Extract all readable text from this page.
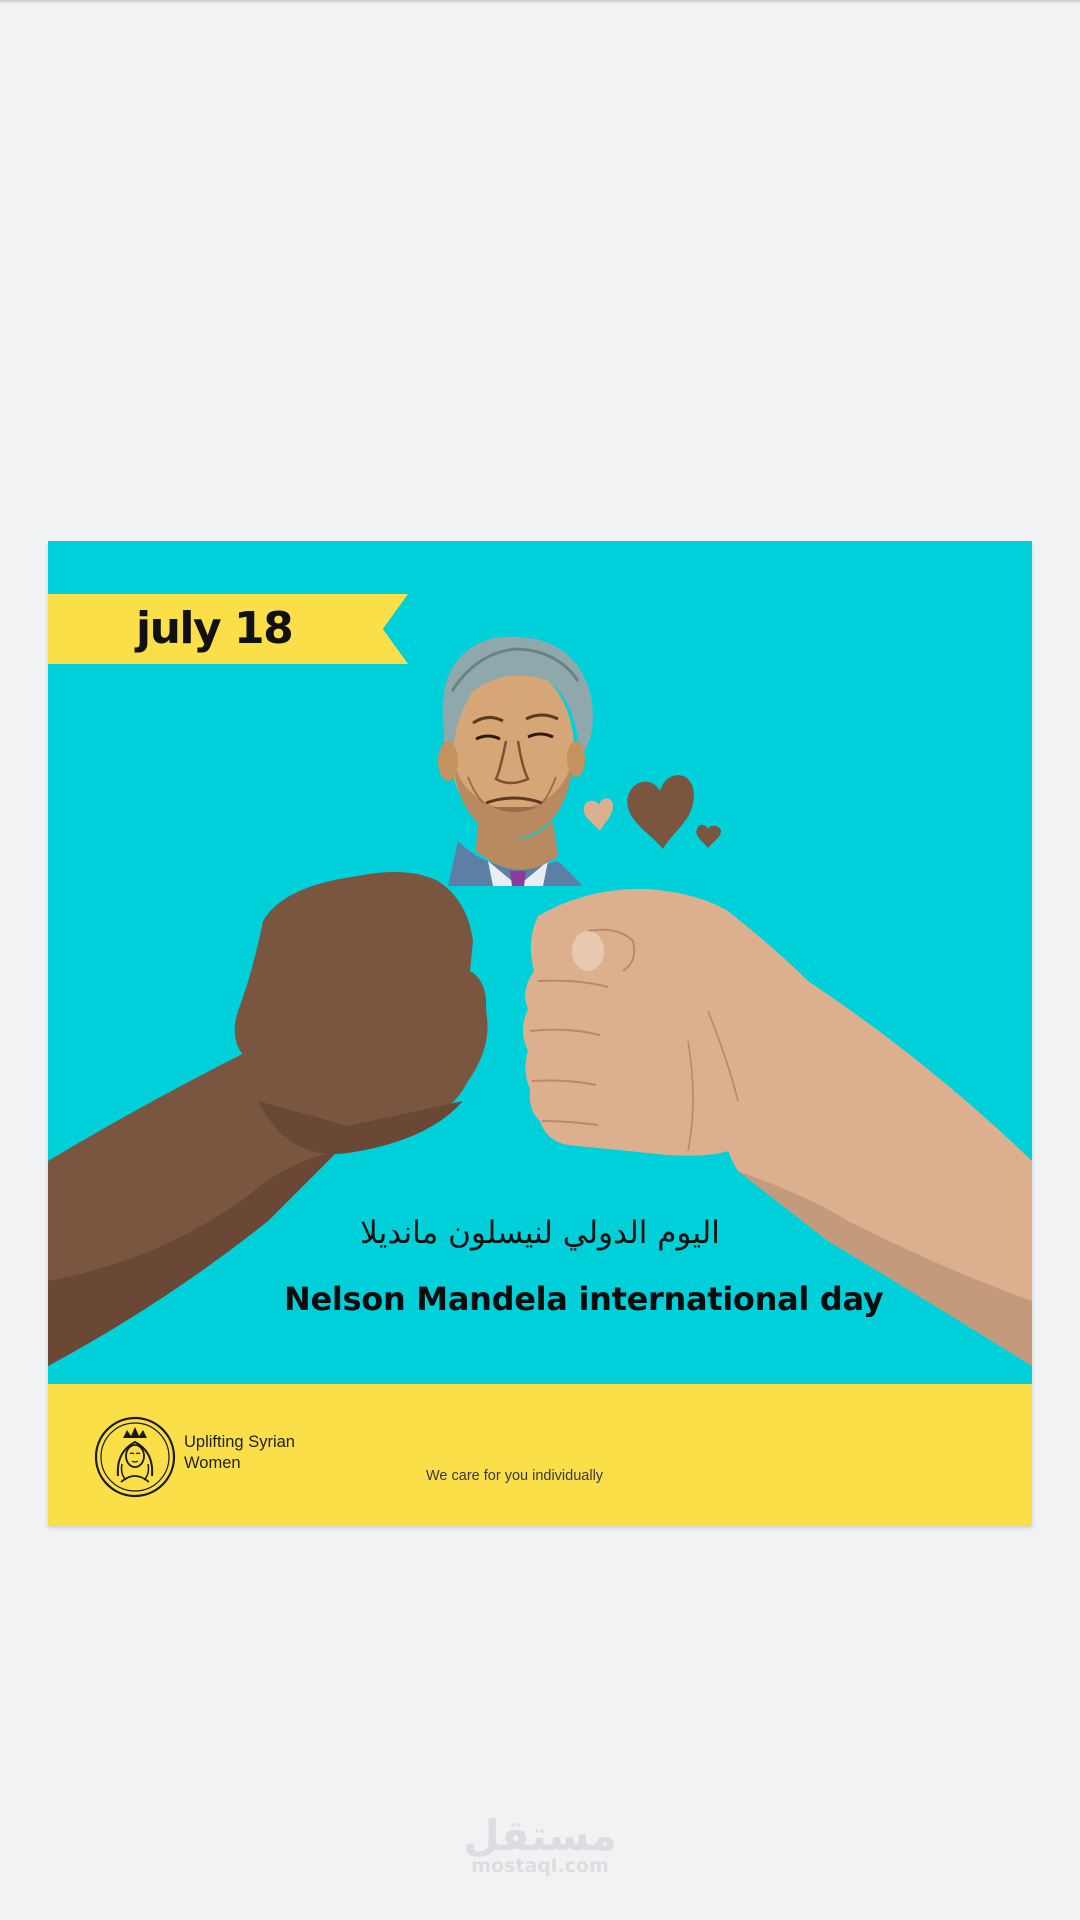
july 18
اليوم الدولي لنيسلون مانديلا
Nelson Mandela international day
Uplifting Syrian Women
We care for you individually
مستقل
mostaql.com
